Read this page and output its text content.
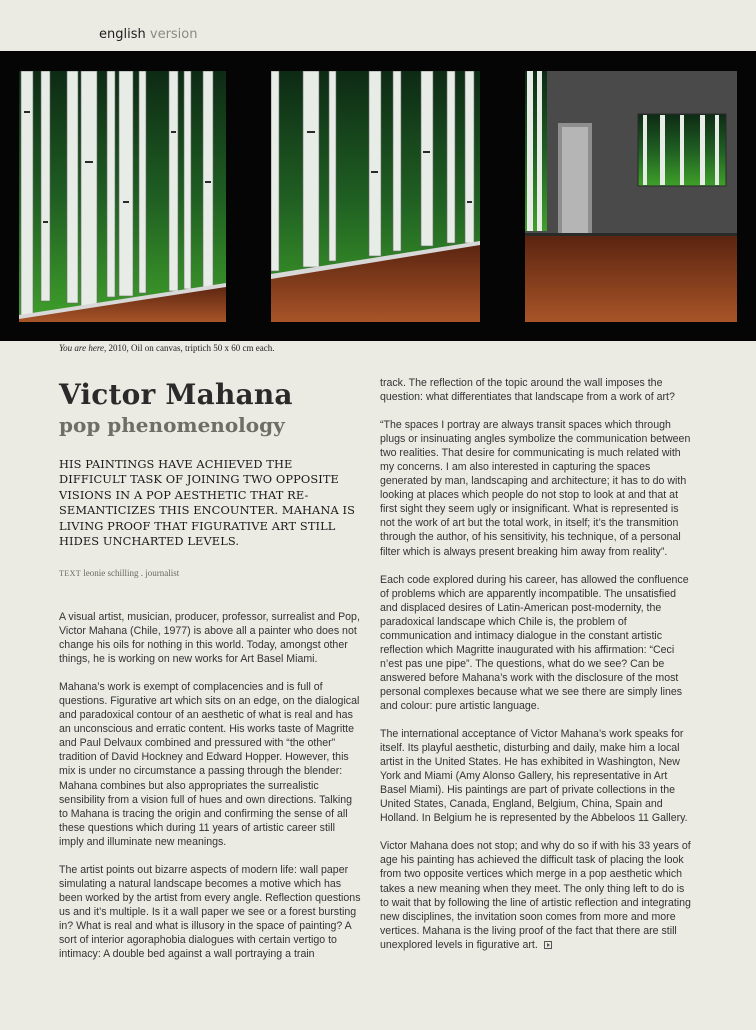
english version
You are here, 2010, Oil on canvas, triptich 50 x 60 cm each.
Victor Mahana
pop phenomenology
HIS PAINTINGS HAVE ACHIEVED THE DIFFICULT TASK OF JOINING TWO OPPOSITE VISIONS IN A POP AESTHETIC THAT RE-SEMANTICIZES THIS ENCOUNTER. MAHANA IS LIVING PROOF THAT FIGURATIVE ART STILL HIDES UNCHARTED LEVELS.
TEXT leonie schilling . journalist

A visual artist, musician, producer, professor, surrealist and Pop, Victor Mahana (Chile, 1977) is above all a painter who does not change his oils for nothing in this world. Today, amongst other things, he is working on new works for Art Basel Miami.

Mahana’s work is exempt of complacencies and is full of questions. Figurative art which sits on an edge, on the dialogical and paradoxical contour of an aesthetic of what is real and has an unconscious and erratic content. His works taste of Magritte and Paul Delvaux combined and pressured with “the other” tradition of David Hockney and Edward Hopper. However, this mix is under no circumstance a passing through the blender: Mahana combines but also appropriates the surrealistic sensibility from a vision full of hues and own directions. Talking to Mahana is tracing the origin and confirming the sense of all these questions which during 11 years of artistic career still imply and illuminate new meanings.

The artist points out bizarre aspects of modern life: wall paper simulating a natural landscape becomes a motive which has been worked by the artist from every angle. Reflection questions us and it’s multiple. Is it a wall paper we see or a forest bursting in? What is real and what is illusory in the space of painting? A sort of interior agoraphobia dialogues with certain vertigo to intimacy: A double bed against a wall portraying a train

track. The reflection of the topic around the wall imposes the question: what differentiates that landscape from a work of art?

“The spaces I portray are always transit spaces which through plugs or insinuating angles symbolize the communication between two realities. That desire for communicating is much related with my concerns. I am also interested in capturing the spaces generated by man, landscaping and architecture; it has to do with looking at places which people do not stop to look at and that at first sight they seem ugly or insignificant. What is represented is not the work of art but the total work, in itself; it’s the transmition through the author, of his sensitivity, his technique, of a personal filter which is always present breaking him away from reality”.

Each code explored during his career, has allowed the confluence of problems which are apparently incompatible. The unsatisfied and displaced desires of Latin-American post-modernity, the paradoxical landscape which Chile is, the problem of communication and intimacy dialogue in the constant artistic reflection which Magritte inaugurated with his affirmation: “Ceci n’est pas une pipe”. The questions, what do we see? Can be answered before Mahana’s work with the disclosure of the most personal complexes because what we see there are simply lines and colour: pure artistic language.

The international acceptance of Victor Mahana’s work speaks for itself. Its playful aesthetic, disturbing and daily, make him a local artist in the United States. He has exhibited in Washington, New York and Miami (Amy Alonso Gallery, his representative in Art Basel Miami). His paintings are part of private collections in the United States, Canada, England, Belgium, China, Spain and Holland. In Belgium he is represented by the Abbeloos 11 Gallery.

Victor Mahana does not stop; and why do so if with his 33 years of age his painting has achieved the difficult task of placing the look from two opposite vertices which merge in a pop aesthetic which takes a new meaning when they meet. The only thing left to do is to wait that by following the line of artistic reflection and integrating new disciplines, the invitation soon comes from more and more vertices. Mahana is the living proof of the fact that there are still unexplored levels in figurative art.
